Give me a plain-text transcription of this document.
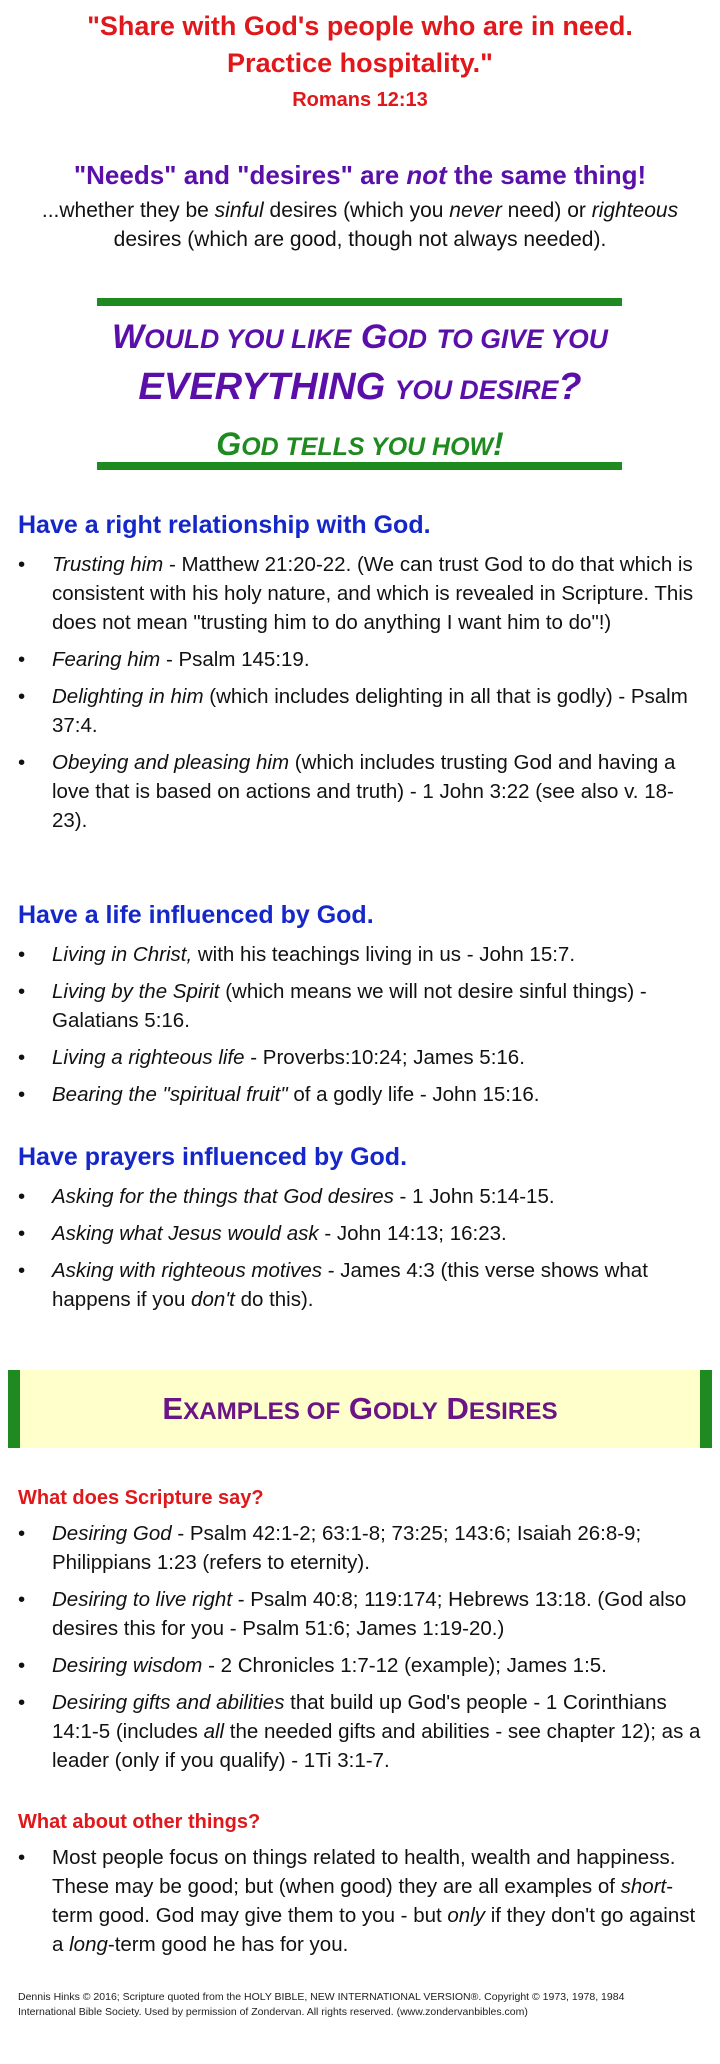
"Share with God's people who are in need.
Practice hospitality."
Romans 12:13
"Needs" and "desires" are not the same thing!
...whether they be sinful desires (which you never need) or righteous desires (which are good, though not always needed).
WOULD YOU LIKE GOD TO GIVE YOU
EVERYTHING YOU DESIRE?
GOD TELLS YOU HOW!
Have a right relationship with God.
• Trusting him - Matthew 21:20-22. (We can trust God to do that which is consistent with his holy nature, and which is revealed in Scripture. This does not mean "trusting him to do anything I want him to do"!)
• Fearing him - Psalm 145:19.
• Delighting in him (which includes delighting in all that is godly) - Psalm 37:4.
• Obeying and pleasing him (which includes trusting God and having a love that is based on actions and truth) - 1 John 3:22 (see also v. 18-23).
Have a life influenced by God.
• Living in Christ, with his teachings living in us - John 15:7.
• Living by the Spirit (which means we will not desire sinful things) - Galatians 5:16.
• Living a righteous life - Proverbs:10:24; James 5:16.
• Bearing the "spiritual fruit" of a godly life - John 15:16.
Have prayers influenced by God.
• Asking for the things that God desires - 1 John 5:14-15.
• Asking what Jesus would ask - John 14:13; 16:23.
• Asking with righteous motives - James 4:3 (this verse shows what happens if you don't do this).
EXAMPLES OF GODLY DESIRES
What does Scripture say?
• Desiring God - Psalm 42:1-2; 63:1-8; 73:25; 143:6; Isaiah 26:8-9; Philippians 1:23 (refers to eternity).
• Desiring to live right - Psalm 40:8; 119:174; Hebrews 13:18. (God also desires this for you - Psalm 51:6; James 1:19-20.)
• Desiring wisdom - 2 Chronicles 1:7-12 (example); James 1:5.
• Desiring gifts and abilities that build up God's people - 1 Corinthians 14:1-5 (includes all the needed gifts and abilities - see chapter 12); as a leader (only if you qualify) - 1Ti 3:1-7.
What about other things?
• Most people focus on things related to health, wealth and happiness. These may be good; but (when good) they are all examples of short-term good. God may give them to you - but only if they don't go against a long-term good he has for you.
Dennis Hinks © 2016; Scripture quoted from the HOLY BIBLE, NEW INTERNATIONAL VERSION®. Copyright © 1973, 1978, 1984
International Bible Society. Used by permission of Zondervan. All rights reserved. (www.zondervanbibles.com)
